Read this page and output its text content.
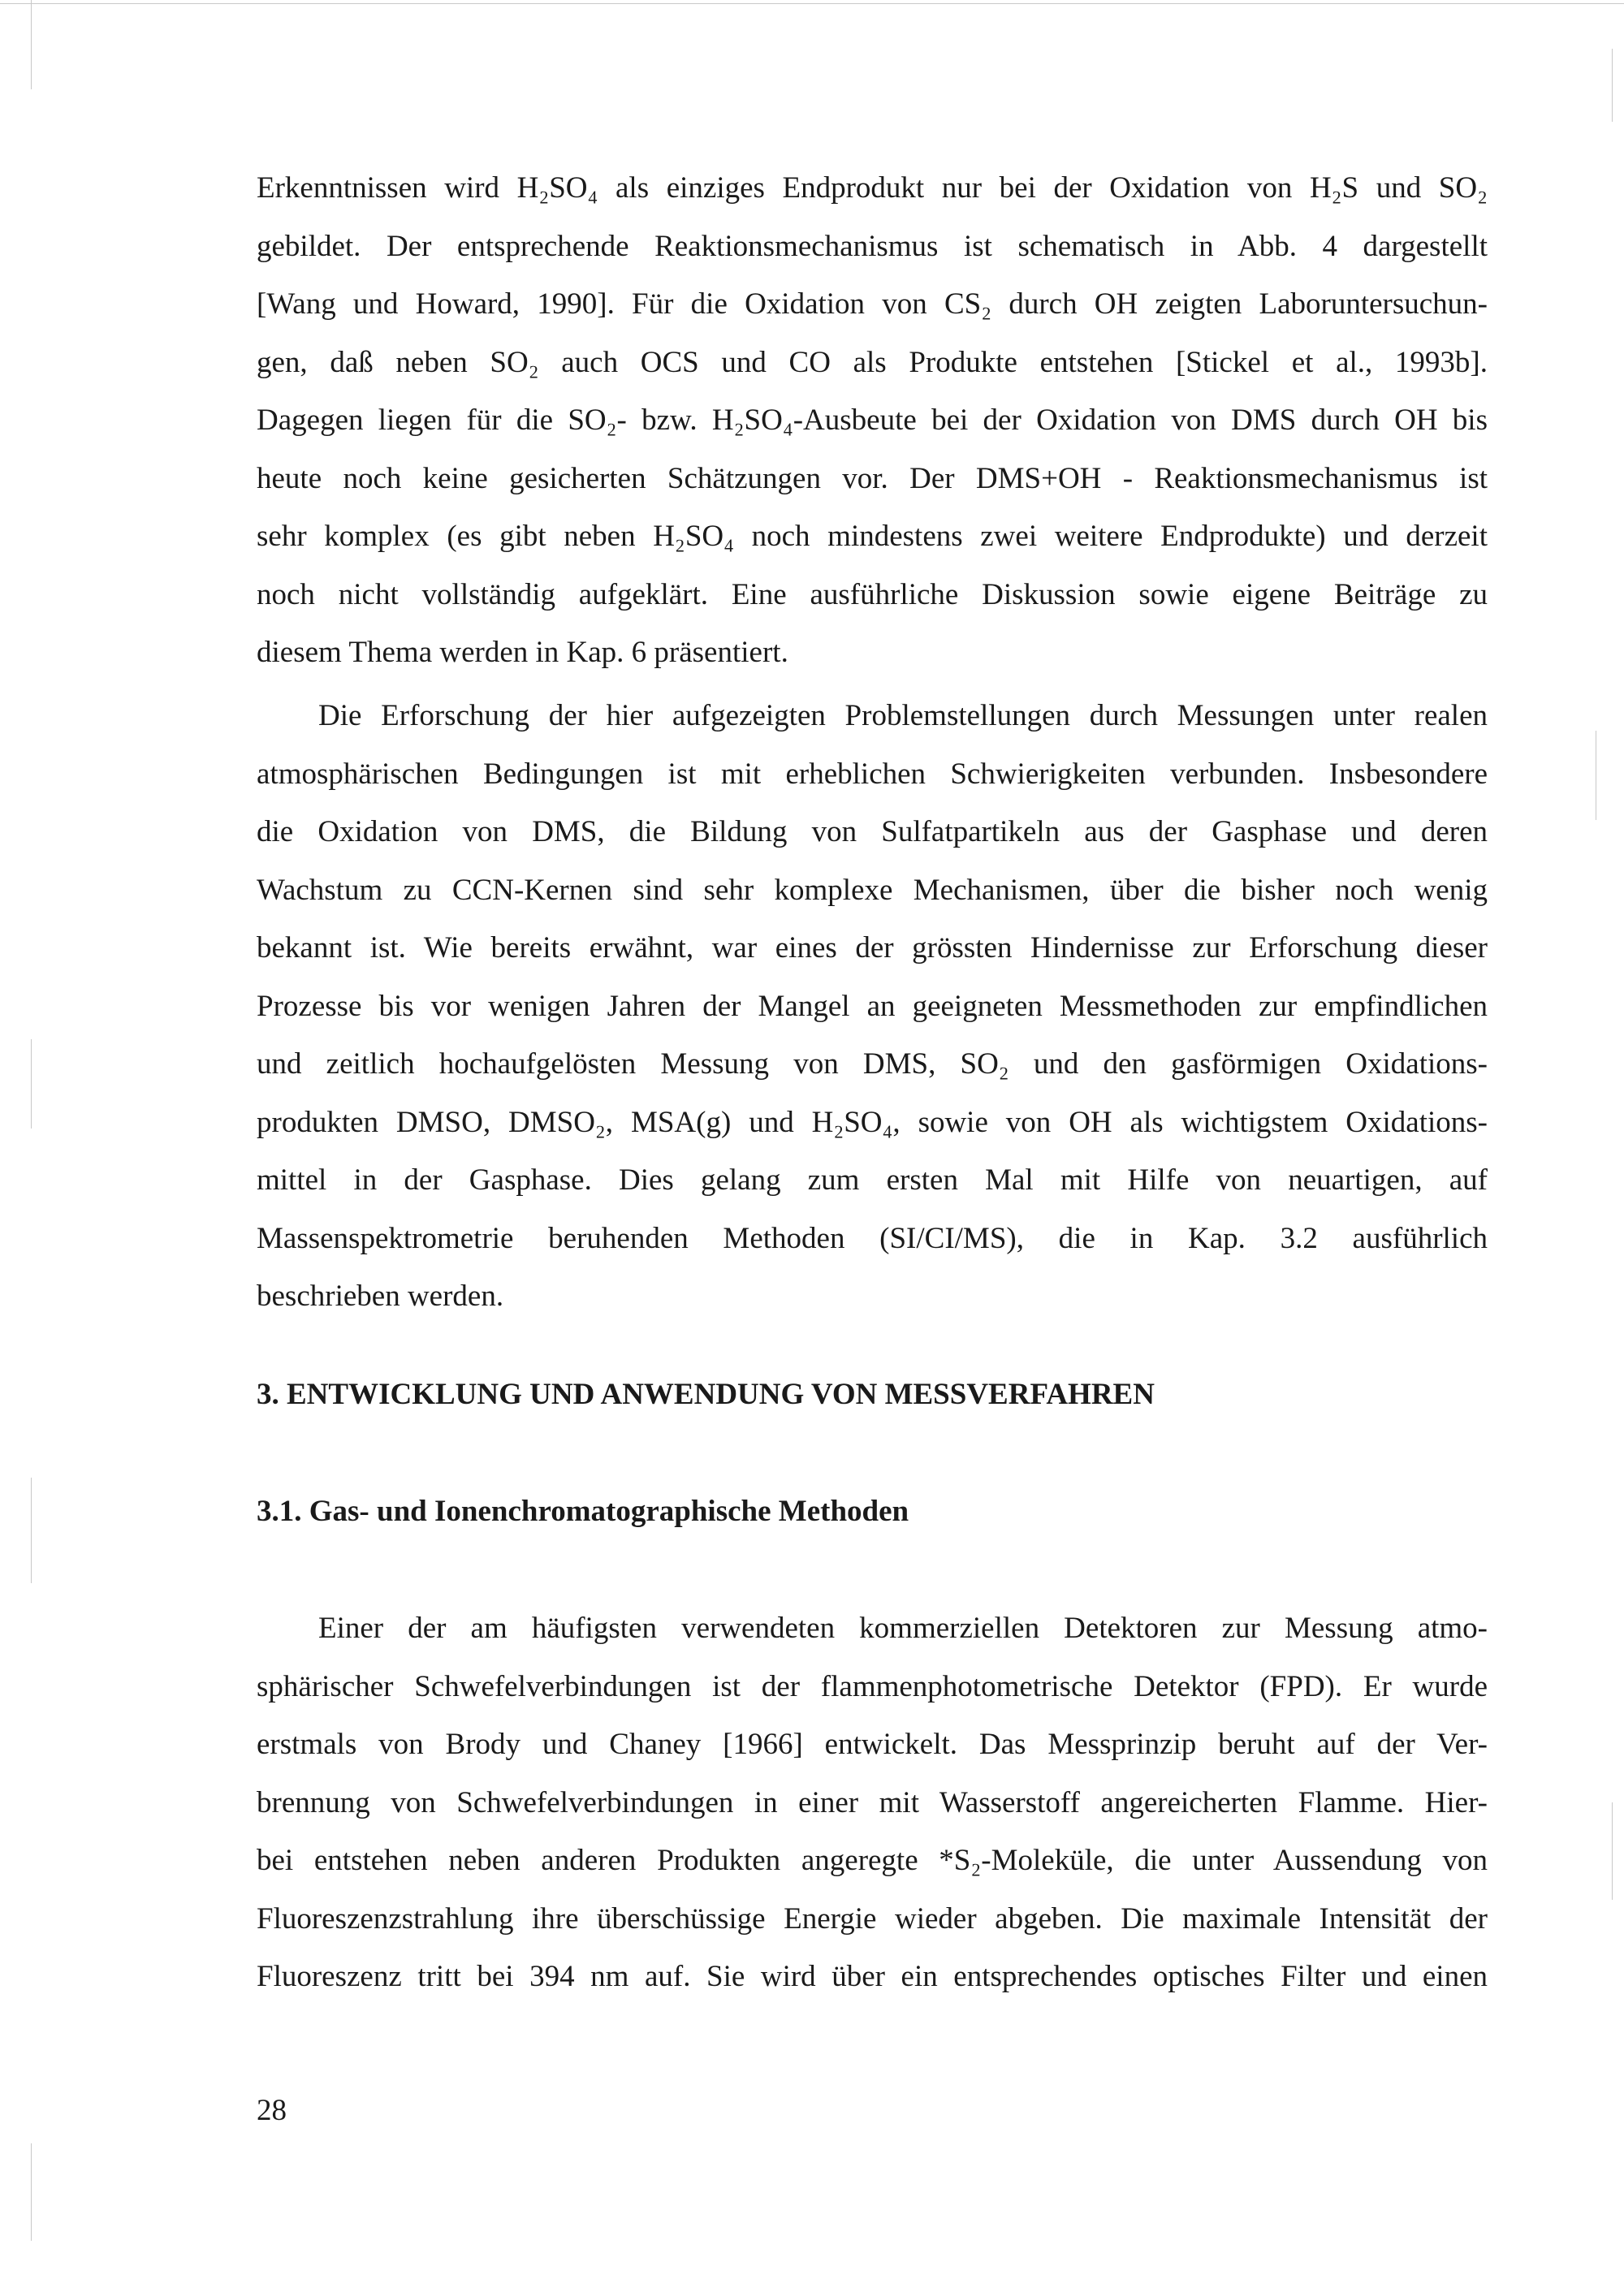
Erkenntnissen wird H₂SO₄ als einziges Endprodukt nur bei der Oxidation von H₂S und SO₂
gebildet. Der entsprechende Reaktionsmechanismus ist schematisch in Abb. 4 dargestellt
[Wang und Howard, 1990]. Für die Oxidation von CS₂ durch OH zeigten Laboruntersuchun-
gen, daß neben SO₂ auch OCS und CO als Produkte entstehen [Stickel et al., 1993b].
Dagegen liegen für die SO₂- bzw. H₂SO₄-Ausbeute bei der Oxidation von DMS durch OH bis
heute noch keine gesicherten Schätzungen vor. Der DMS+OH - Reaktionsmechanismus ist
sehr komplex (es gibt neben H₂SO₄ noch mindestens zwei weitere Endprodukte) und derzeit
noch nicht vollständig aufgeklärt. Eine ausführliche Diskussion sowie eigene Beiträge zu
diesem Thema werden in Kap. 6 präsentiert.
Die Erforschung der hier aufgezeigten Problemstellungen durch Messungen unter realen
atmosphärischen Bedingungen ist mit erheblichen Schwierigkeiten verbunden. Insbesondere
die Oxidation von DMS, die Bildung von Sulfatpartikeln aus der Gasphase und deren
Wachstum zu CCN-Kernen sind sehr komplexe Mechanismen, über die bisher noch wenig
bekannt ist. Wie bereits erwähnt, war eines der grössten Hindernisse zur Erforschung dieser
Prozesse bis vor wenigen Jahren der Mangel an geeigneten Messmethoden zur empfindlichen
und zeitlich hochaufgelösten Messung von DMS, SO₂ und den gasförmigen Oxidations-
produkten DMSO, DMSO₂, MSA(g) und H₂SO₄, sowie von OH als wichtigstem Oxidations-
mittel in der Gasphase. Dies gelang zum ersten Mal mit Hilfe von neuartigen, auf
Massenspektrometrie beruhenden Methoden (SI/CI/MS), die in Kap. 3.2 ausführlich
beschrieben werden.
3. ENTWICKLUNG UND ANWENDUNG VON MESSVERFAHREN
3.1. Gas- und Ionenchromatographische Methoden
Einer der am häufigsten verwendeten kommerziellen Detektoren zur Messung atmo-
sphärischer Schwefelverbindungen ist der flammenphotometrische Detektor (FPD). Er wurde
erstmals von Brody und Chaney [1966] entwickelt. Das Messprinzip beruht auf der Ver-
brennung von Schwefelverbindungen in einer mit Wasserstoff angereicherten Flamme. Hier-
bei entstehen neben anderen Produkten angeregte *S₂-Moleküle, die unter Aussendung von
Fluoreszenzstrahlung ihre überschüssige Energie wieder abgeben. Die maximale Intensität der
Fluoreszenz tritt bei 394 nm auf. Sie wird über ein entsprechendes optisches Filter und einen
28
